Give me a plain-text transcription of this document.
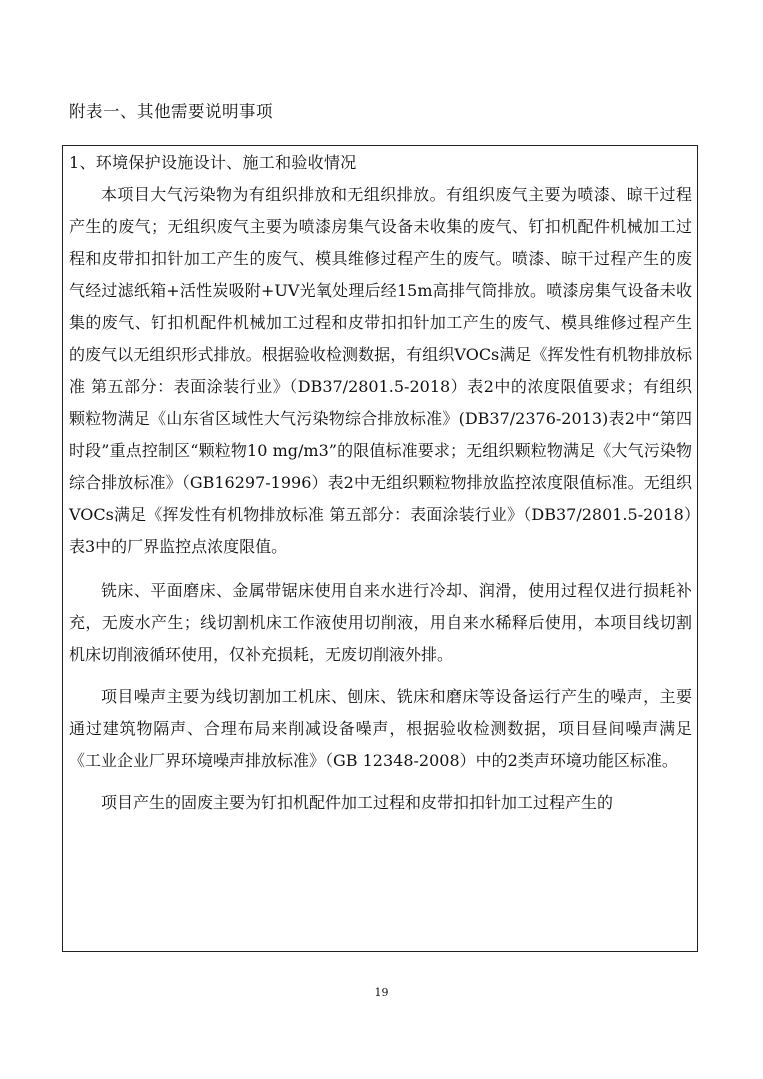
附表一、其他需要说明事项
1、环境保护设施设计、施工和验收情况

本项目大气污染物为有组织排放和无组织排放。有组织废气主要为喷漆、晾干过程产生的废气；无组织废气主要为喷漆房集气设备未收集的废气、钉扣机配件机械加工过程和皮带扣扣针加工产生的废气、模具维修过程产生的废气。喷漆、晾干过程产生的废气经过滤纸箱+活性炭吸附+UV光氧处理后经15m高排气筒排放。喷漆房集气设备未收集的废气、钉扣机配件机械加工过程和皮带扣扣针加工产生的废气、模具维修过程产生的废气以无组织形式排放。根据验收检测数据，有组织VOCs满足《挥发性有机物排放标准 第五部分：表面涂装行业》（DB37/2801.5-2018）表2中的浓度限值要求；有组织颗粒物满足《山东省区域性大气污染物综合排放标准》(DB37/2376-2013)表2中“第四时段”重点控制区“颗粒物10 mg/m3”的限值标准要求；无组织颗粒物满足《大气污染物综合排放标准》（GB16297-1996）表2中无组织颗粒物排放监控浓度限值标准。无组织VOCs满足《挥发性有机物排放标准 第五部分：表面涂装行业》（DB37/2801.5-2018）表3中的厂界监控点浓度限值。

铣床、平面磨床、金属带锯床使用自来水进行冷却、润滑，使用过程仅进行损耗补充，无废水产生；线切割机床工作液使用切削液，用自来水稀释后使用，本项目线切割机床切削液循环使用，仅补充损耗，无废切削液外排。

项目噪声主要为线切割加工机床、刨床、铣床和磨床等设备运行产生的噪声，主要通过建筑物隔声、合理布局来削减设备噪声，根据验收检测数据，项目昼间噪声满足《工业企业厂界环境噪声排放标准》（GB 12348-2008）中的2类声环境功能区标准。

项目产生的固废主要为钉扣机配件加工过程和皮带扣扣针加工过程产生的

19
